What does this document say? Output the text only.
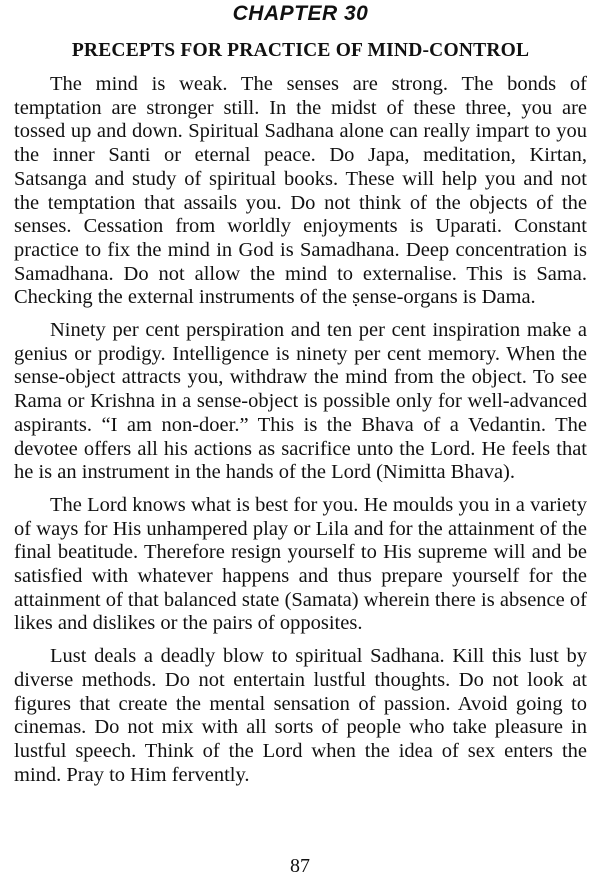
CHAPTER 30
PRECEPTS FOR PRACTICE OF MIND-CONTROL

The mind is weak. The senses are strong. The bonds of temptation are stronger still. In the midst of these three, you are tossed up and down. Spiritual Sadhana alone can really impart to you the inner Santi or eternal peace. Do Japa, meditation, Kirtan, Satsanga and study of spiritual books. These will help you and not the temptation that assails you. Do not think of the objects of the senses. Cessation from worldly enjoyments is Uparati. Constant practice to fix the mind in God is Samadhana. Deep concentration is Samadhana. Do not allow the mind to externalise. This is Sama. Checking the external instruments of the ṣense-organs is Dama.

Ninety per cent perspiration and ten per cent inspiration make a genius or prodigy. Intelligence is ninety per cent memory. When the sense-object attracts you, withdraw the mind from the object. To see Rama or Krishna in a sense-object is possible only for well-advanced aspirants. “I am non-doer.” This is the Bhava of a Vedantin. The devotee offers all his actions as sacrifice unto the Lord. He feels that he is an instrument in the hands of the Lord (Nimitta Bhava).

The Lord knows what is best for you. He moulds you in a variety of ways for His unhampered play or Lila and for the attainment of the final beatitude. Therefore resign yourself to His supreme will and be satisfied with whatever happens and thus prepare yourself for the attainment of that balanced state (Samata) wherein there is absence of likes and dislikes or the pairs of opposites.

Lust deals a deadly blow to spiritual Sadhana. Kill this lust by diverse methods. Do not entertain lustful thoughts. Do not look at figures that create the mental sensation of passion. Avoid going to cinemas. Do not mix with all sorts of people who take pleasure in lustful speech. Think of the Lord when the idea of sex enters the mind. Pray to Him fervently.

87
